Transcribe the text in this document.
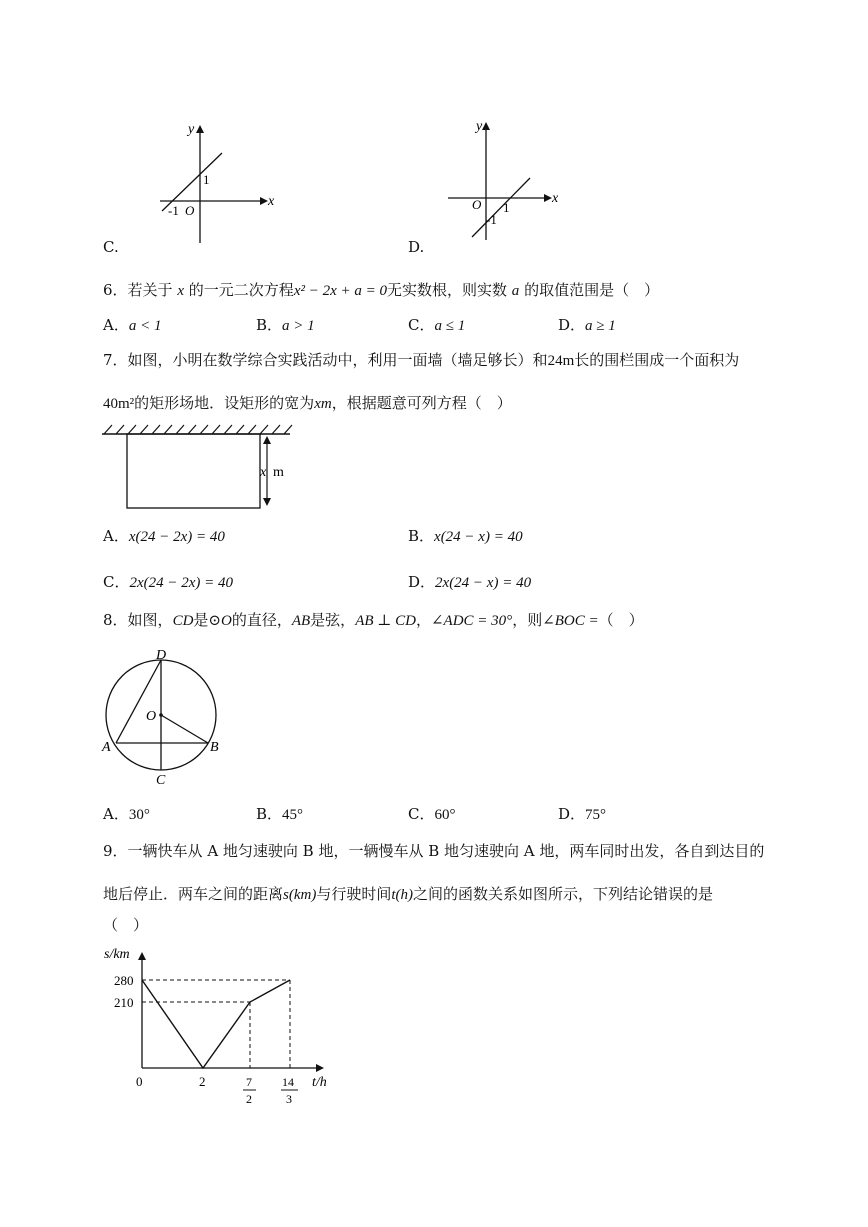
x
y
1
-1 O
C.
x
y
1
-1
O
D.
6．若关于 x 的一元二次方程x² − 2x + a = 0无实数根，则实数 a 的取值范围是（　）
A．a < 1	B．a > 1	C．a ≤ 1	D．a ≥ 1
7．如图，小明在数学综合实践活动中，利用一面墙（墙足够长）和24m长的围栏围成一个面积为
40m²的矩形场地．设矩形的宽为xm，根据题意可列方程（　）
x m
A．x(24 − 2x) = 40	B．x(24 − x) = 40
C．2x(24 − 2x) = 40	D．2x(24 − x) = 40
8．如图，CD是⊙O的直径，AB是弦，AB ⊥ CD，∠ADC = 30°，则∠BOC =（　）
D
O
A	B
C
A．30°	B．45°	C．60°	D．75°
9．一辆快车从 A 地匀速驶向 B 地，一辆慢车从 B 地匀速驶向 A 地，两车同时出发，各自到达目的
地后停止．两车之间的距离s(km)与行驶时间t(h)之间的函数关系如图所示，下列结论错误的是
（　）
s/km
t/h
0
280
210
2	7
2
14
3
